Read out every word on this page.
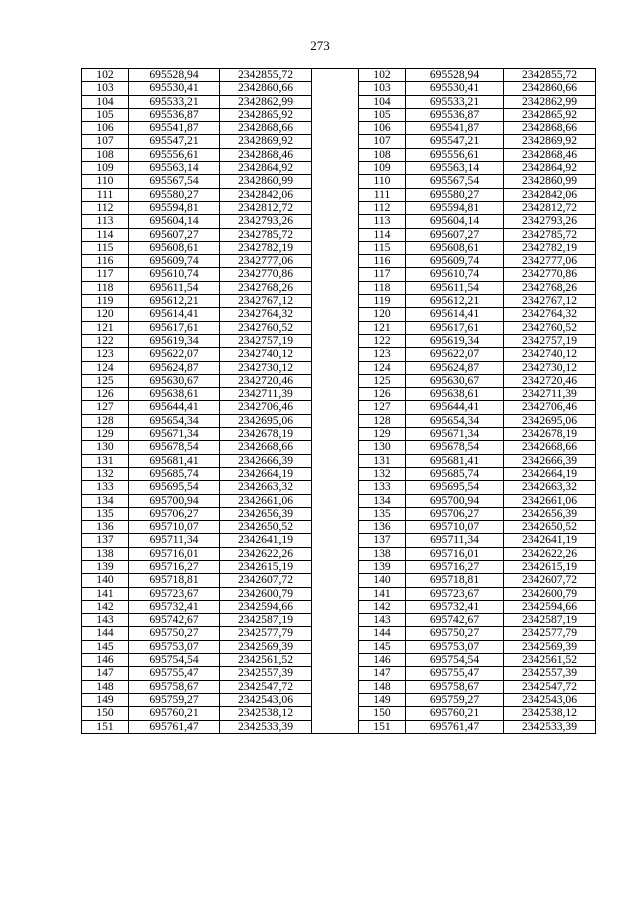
273
102	695528,94	2342855,72		102	695528,94	2342855,72
103	695530,41	2342860,66		103	695530,41	2342860,66
104	695533,21	2342862,99		104	695533,21	2342862,99
105	695536,87	2342865,92		105	695536,87	2342865,92
106	695541,87	2342868,66		106	695541,87	2342868,66
107	695547,21	2342869,92		107	695547,21	2342869,92
108	695556,61	2342868,46		108	695556,61	2342868,46
109	695563,14	2342864,92		109	695563,14	2342864,92
110	695567,54	2342860,99		110	695567,54	2342860,99
111	695580,27	2342842,06		111	695580,27	2342842,06
112	695594,81	2342812,72		112	695594,81	2342812,72
113	695604,14	2342793,26		113	695604,14	2342793,26
114	695607,27	2342785,72		114	695607,27	2342785,72
115	695608,61	2342782,19		115	695608,61	2342782,19
116	695609,74	2342777,06		116	695609,74	2342777,06
117	695610,74	2342770,86		117	695610,74	2342770,86
118	695611,54	2342768,26		118	695611,54	2342768,26
119	695612,21	2342767,12		119	695612,21	2342767,12
120	695614,41	2342764,32		120	695614,41	2342764,32
121	695617,61	2342760,52		121	695617,61	2342760,52
122	695619,34	2342757,19		122	695619,34	2342757,19
123	695622,07	2342740,12		123	695622,07	2342740,12
124	695624,87	2342730,12		124	695624,87	2342730,12
125	695630,67	2342720,46		125	695630,67	2342720,46
126	695638,61	2342711,39		126	695638,61	2342711,39
127	695644,41	2342706,46		127	695644,41	2342706,46
128	695654,34	2342695,06		128	695654,34	2342695,06
129	695671,34	2342678,19		129	695671,34	2342678,19
130	695678,54	2342668,66		130	695678,54	2342668,66
131	695681,41	2342666,39		131	695681,41	2342666,39
132	695685,74	2342664,19		132	695685,74	2342664,19
133	695695,54	2342663,32		133	695695,54	2342663,32
134	695700,94	2342661,06		134	695700,94	2342661,06
135	695706,27	2342656,39		135	695706,27	2342656,39
136	695710,07	2342650,52		136	695710,07	2342650,52
137	695711,34	2342641,19		137	695711,34	2342641,19
138	695716,01	2342622,26		138	695716,01	2342622,26
139	695716,27	2342615,19		139	695716,27	2342615,19
140	695718,81	2342607,72		140	695718,81	2342607,72
141	695723,67	2342600,79		141	695723,67	2342600,79
142	695732,41	2342594,66		142	695732,41	2342594,66
143	695742,67	2342587,19		143	695742,67	2342587,19
144	695750,27	2342577,79		144	695750,27	2342577,79
145	695753,07	2342569,39		145	695753,07	2342569,39
146	695754,54	2342561,52		146	695754,54	2342561,52
147	695755,47	2342557,39		147	695755,47	2342557,39
148	695758,67	2342547,72		148	695758,67	2342547,72
149	695759,27	2342543,06		149	695759,27	2342543,06
150	695760,21	2342538,12		150	695760,21	2342538,12
151	695761,47	2342533,39		151	695761,47	2342533,39
